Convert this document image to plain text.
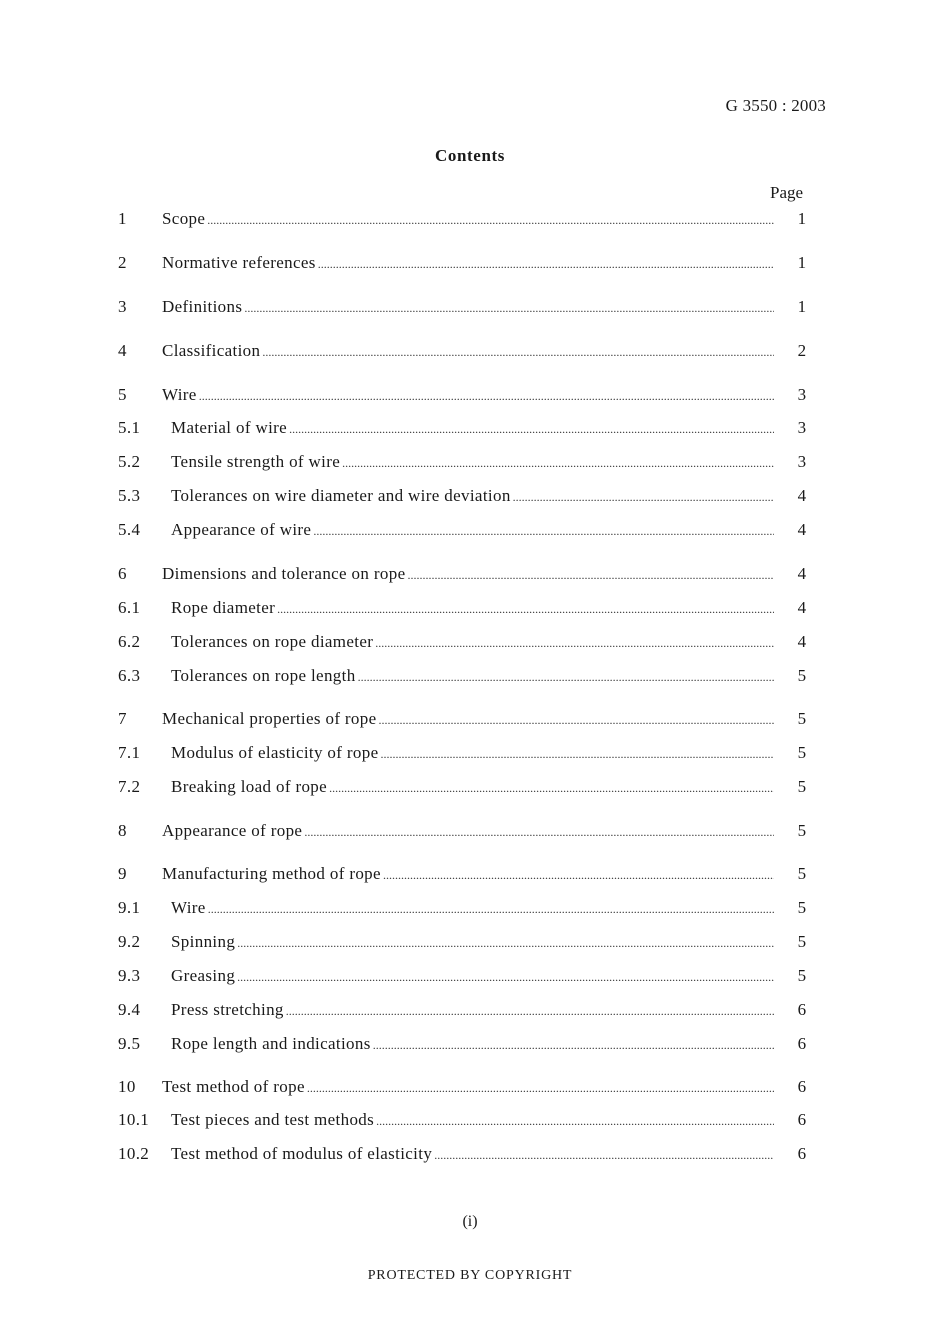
G 3550 : 2003
Contents
Page
1	Scope .....	1
2	Normative references .....	1
3	Definitions .....	1
4	Classification .....	2
5	Wire .....	3
5.1	Material of wire .....	3
5.2	Tensile strength of wire .....	3
5.3	Tolerances on wire diameter and wire deviation .....	4
5.4	Appearance of wire .....	4
6	Dimensions and tolerance on rope .....	4
6.1	Rope diameter .....	4
6.2	Tolerances on rope diameter .....	4
6.3	Tolerances on rope length .....	5
7	Mechanical properties of rope .....	5
7.1	Modulus of elasticity of rope .....	5
7.2	Breaking load of rope .....	5
8	Appearance of rope .....	5
9	Manufacturing method of rope .....	5
9.1	Wire .....	5
9.2	Spinning .....	5
9.3	Greasing .....	5
9.4	Press stretching .....	6
9.5	Rope length and indications .....	6
10	Test method of rope .....	6
10.1	Test pieces and test methods .....	6
10.2	Test method of modulus of elasticity .....	6
(i)
PROTECTED BY COPYRIGHT
